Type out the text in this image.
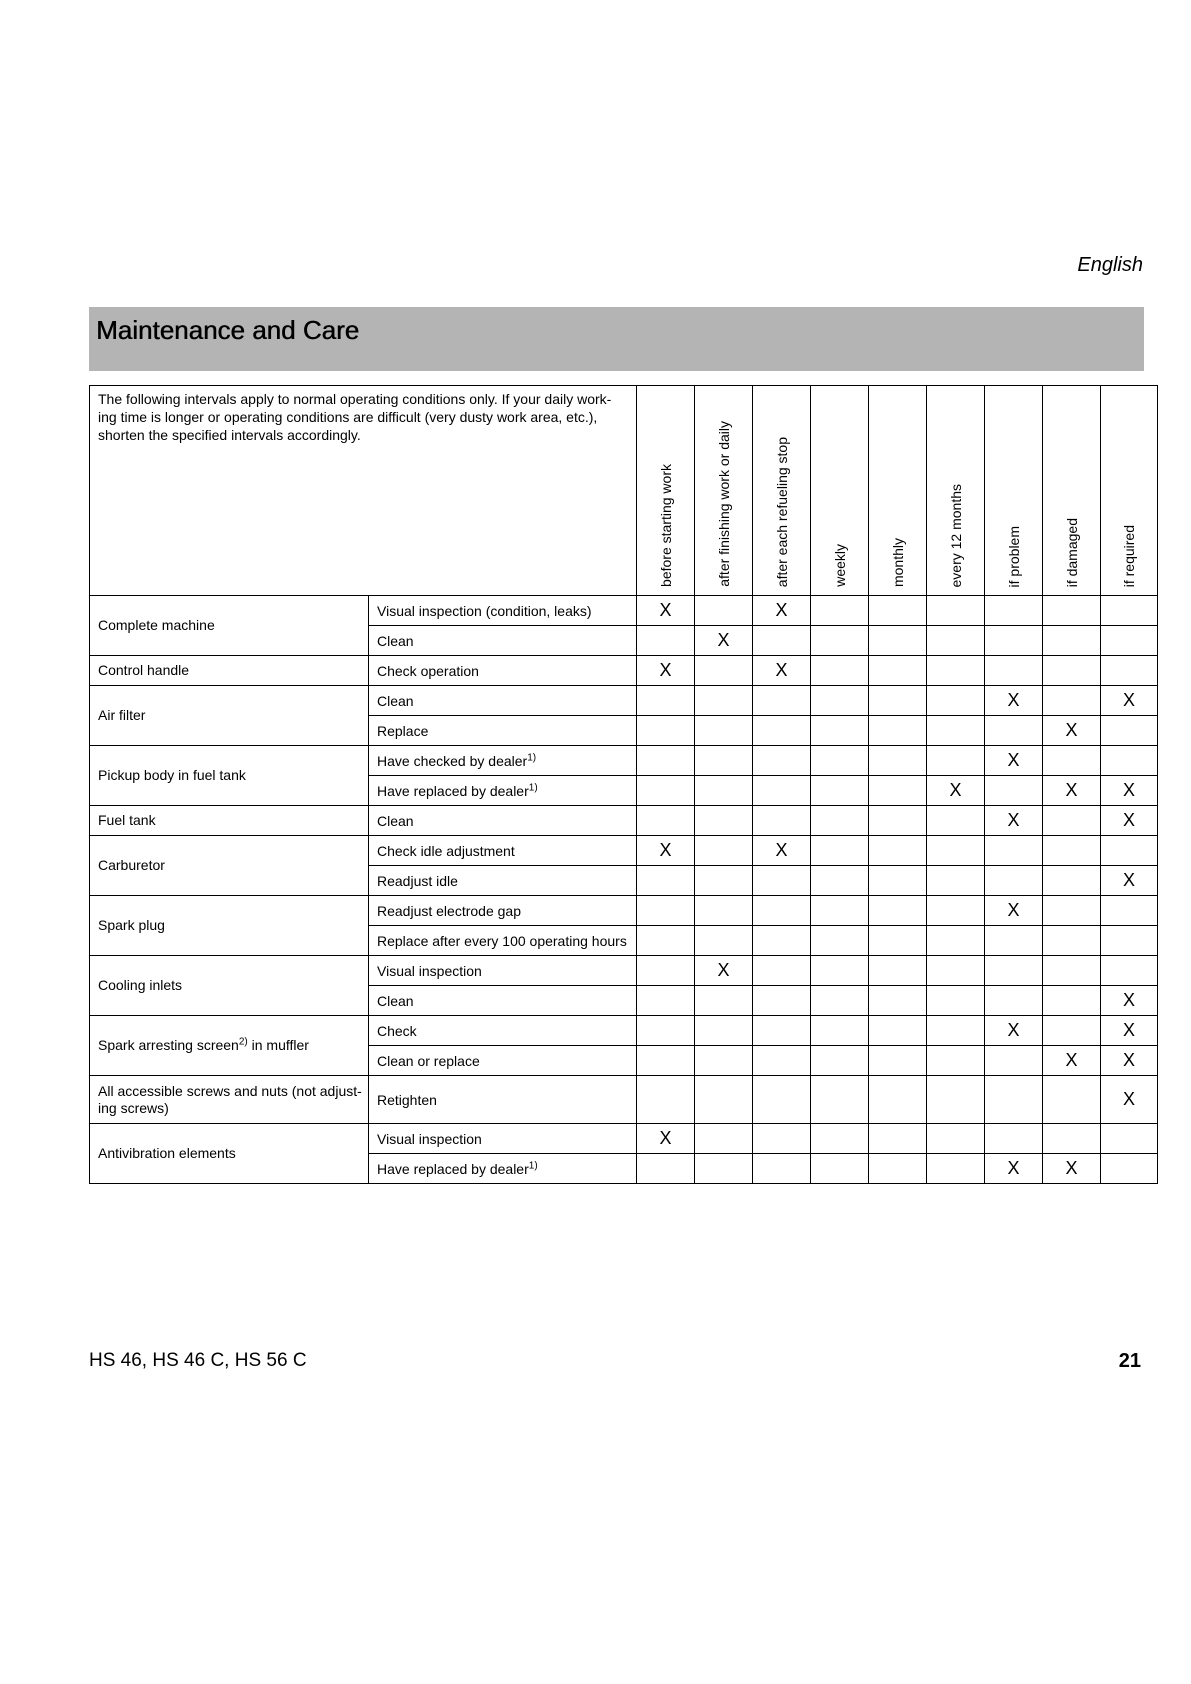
English
Maintenance and Care
The following intervals apply to normal operating conditions only. If your daily work-ing time is longer or operating conditions are difficult (very dusty work area, etc.), shorten the specified intervals accordingly.		before starting work	after finishing work or daily	after each refueling stop	weekly	monthly	every 12 months	if problem	if damaged	if required

Complete machine	Visual inspection (condition, leaks)	X		X						
	Clean		X							
Control handle	Check operation	X		X						
Air filter	Clean							X		X
	Replace								X	
Pickup body in fuel tank	Have checked by dealer$^{1)}$							X		
	Have replaced by dealer$^{1)}$						X		X	X
Fuel tank	Clean							X		X
Carburetor	Check idle adjustment	X		X						
	Readjust idle									X
Spark plug	Readjust electrode gap							X		
	Replace after every 100 operating hours									
Cooling inlets	Visual inspection		X							
	Clean									X
Spark arresting screen$^{2)}$ in muffler	Check							X		X
	Clean or replace								X	X
All accessible screws and nuts (not adjust-ing screws)	Retighten									X
Antivibration elements	Visual inspection	X								
	Have replaced by dealer$^{1)}$							X	X	
HS 46, HS 46 C, HS 56 C	21
